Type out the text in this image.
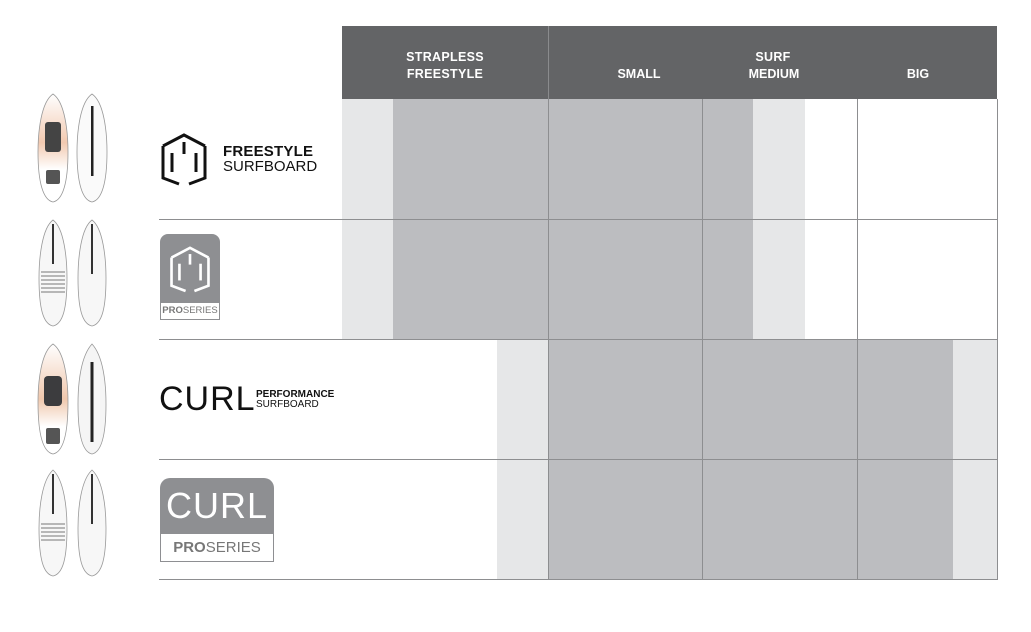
STRAPLESS
FREESTYLE
SURF
SMALL	MEDIUM	BIG
FREESTYLE
SURFBOARD
PROSERIES
CURL PERFORMANCE
SURFBOARD
CURL
PROSERIES
